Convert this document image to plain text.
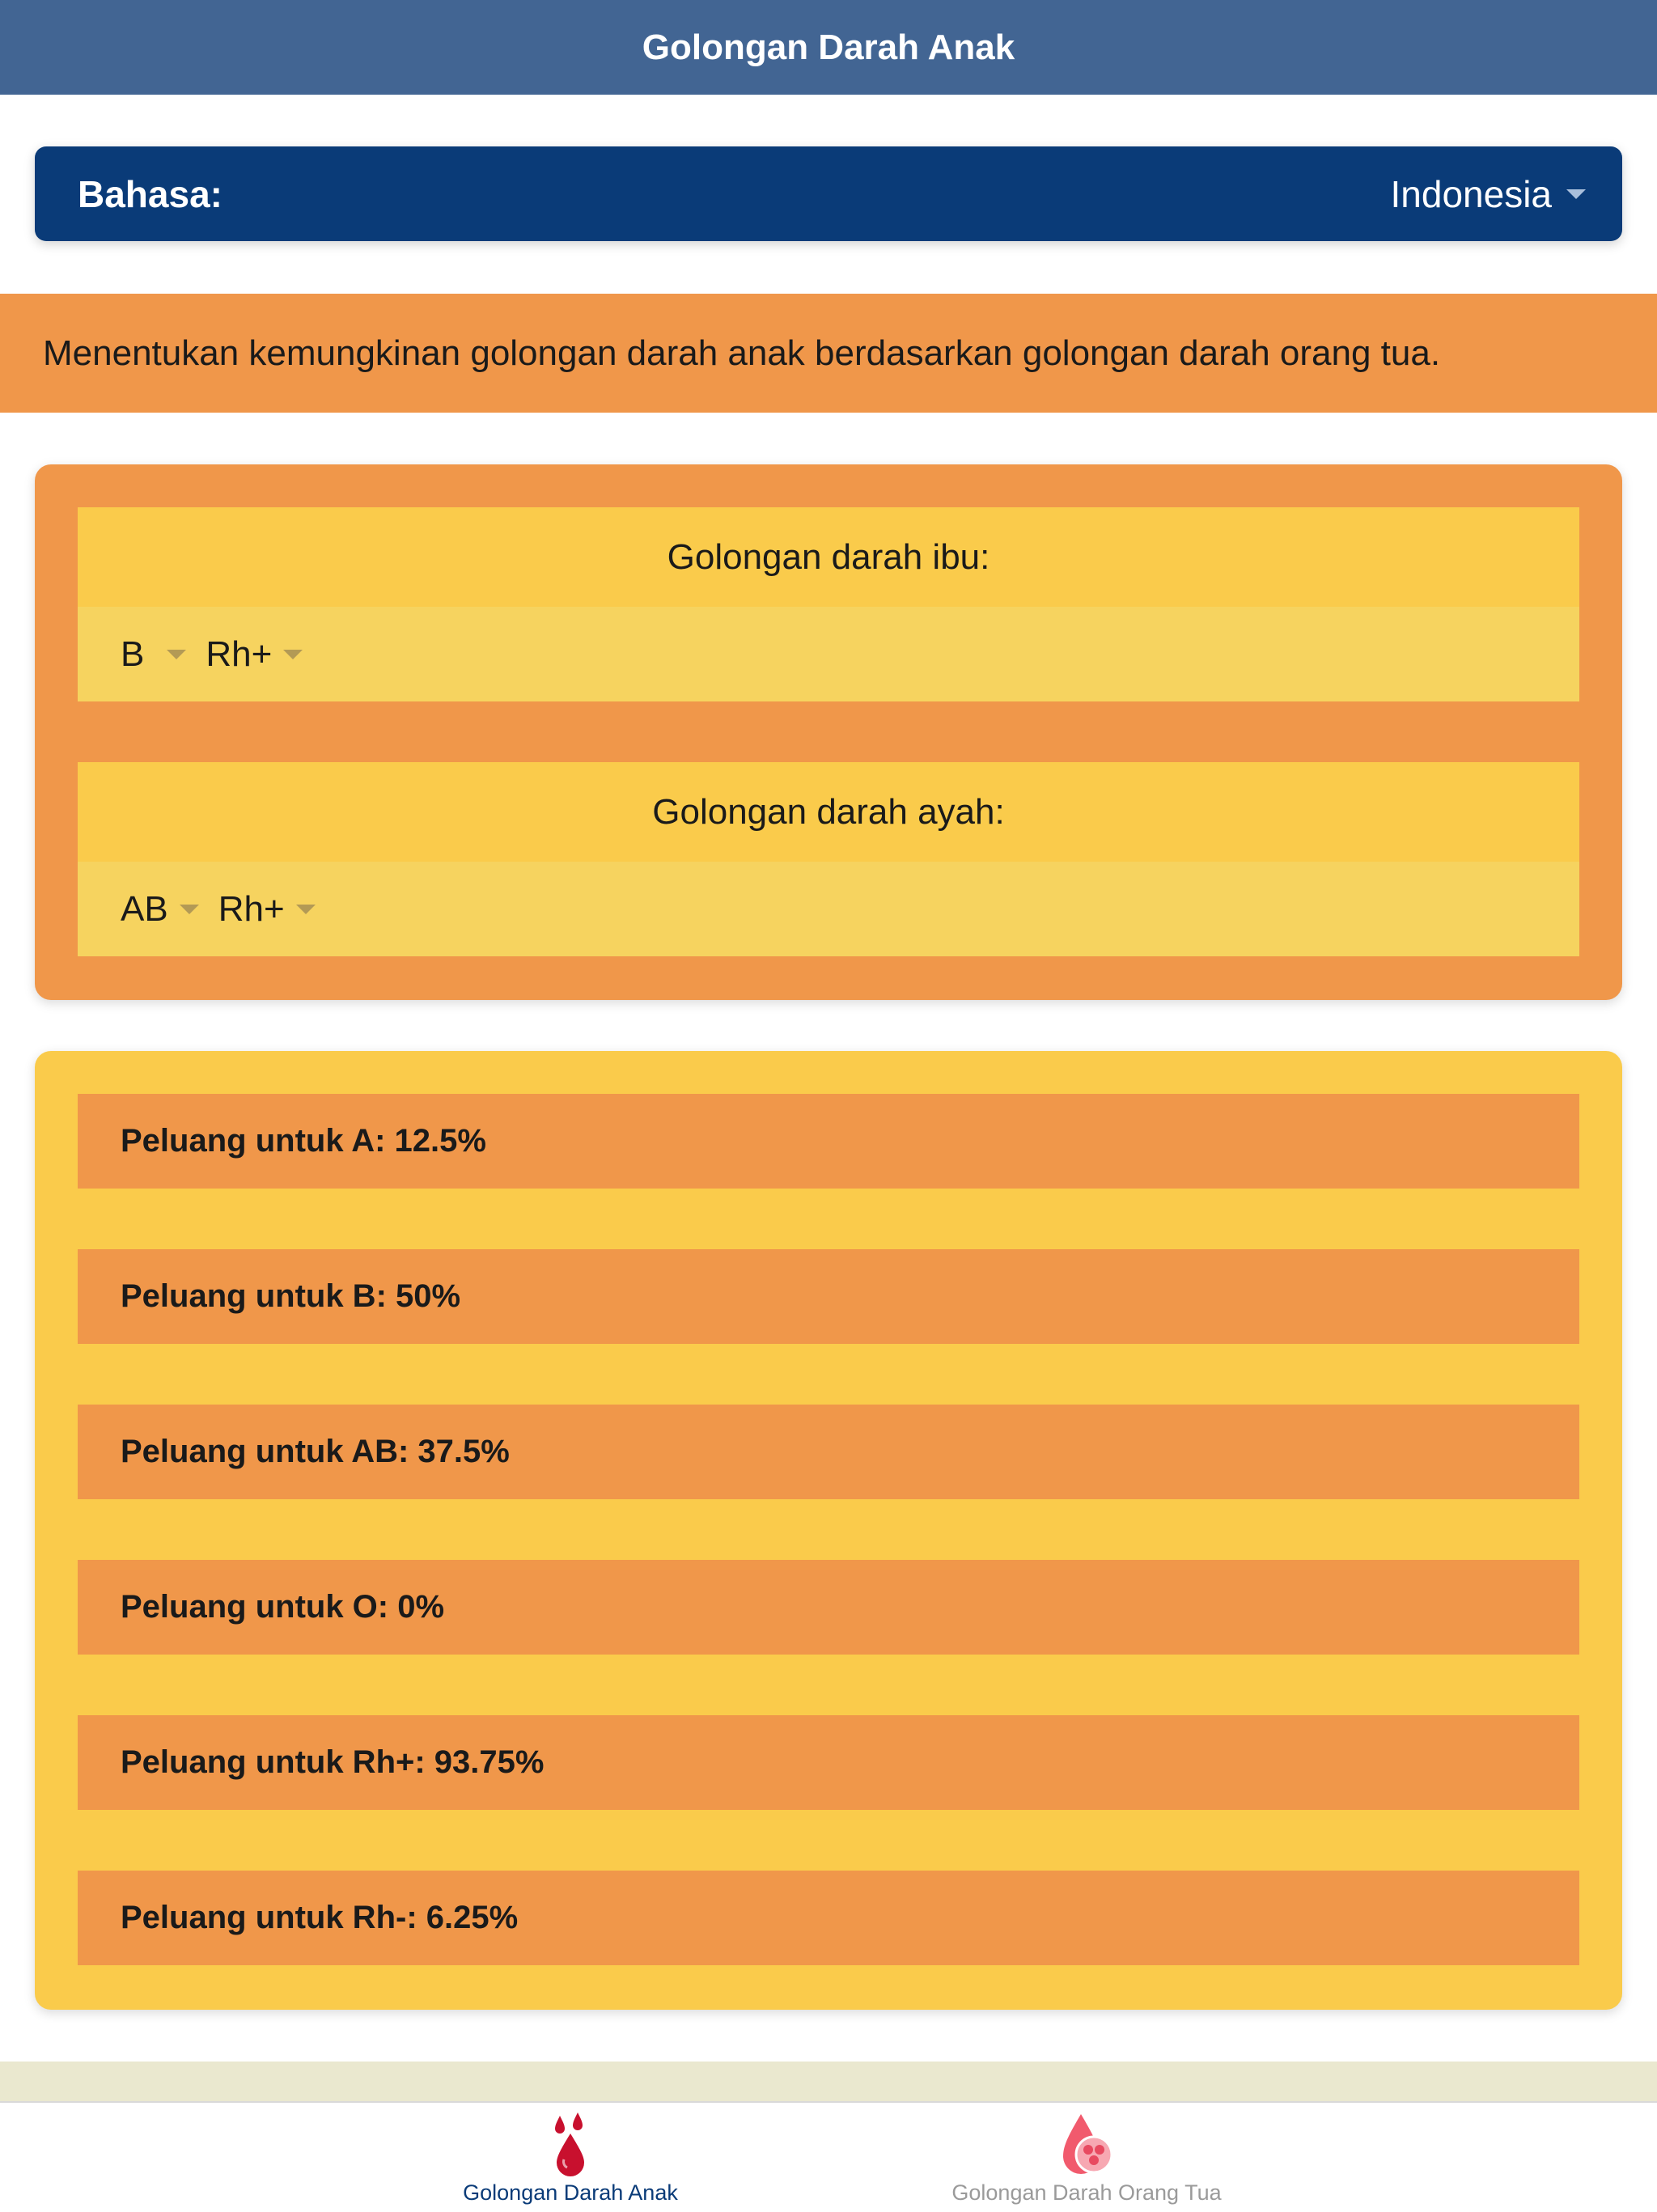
Golongan Darah Anak
Bahasa:	Indonesia
Menentukan kemungkinan golongan darah anak berdasarkan golongan darah orang tua.
Golongan darah ibu:
B Rh+
Golongan darah ayah:
AB Rh+
Peluang untuk A: 12.5%
Peluang untuk B: 50%
Peluang untuk AB: 37.5%
Peluang untuk O: 0%
Peluang untuk Rh+: 93.75%
Peluang untuk Rh-: 6.25%
Golongan Darah Anak	Golongan Darah Orang Tua
